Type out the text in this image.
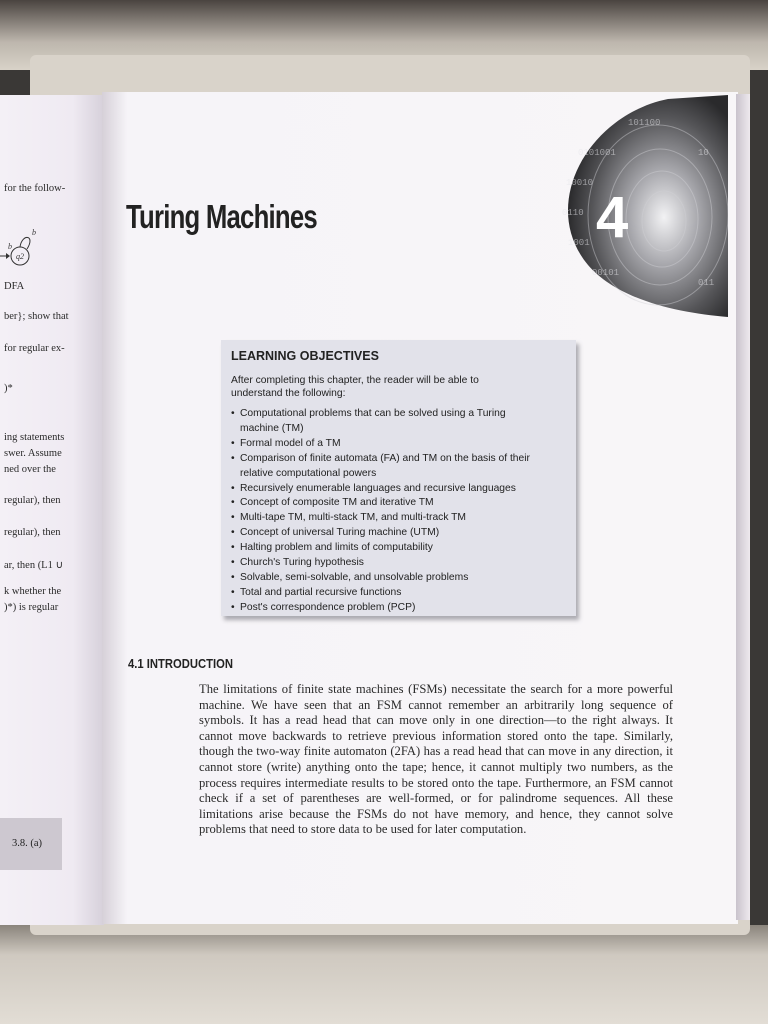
for the follow-
q2
b
b
DFA
ber}; show that
for regular ex-
)*
ing statements
swer. Assume
ned over the
regular), then
regular), then
ar, then (L1 ∪
k whether the
)*) is regular
3.8. (a)
0101001
10010
0110
1001
00101
101100
10
011
4
Turing Machines
LEARNING OBJECTIVES
After completing this chapter, the reader will be able to understand the following:
• Computational problems that can be solved using a Turing machine (TM)
• Formal model of a TM
• Comparison of finite automata (FA) and TM on the basis of their relative computational powers
• Recursively enumerable languages and recursive languages
• Concept of composite TM and iterative TM
• Multi-tape TM, multi-stack TM, and multi-track TM
• Concept of universal Turing machine (UTM)
• Halting problem and limits of computability
• Church's Turing hypothesis
• Solvable, semi-solvable, and unsolvable problems
• Total and partial recursive functions
• Post's correspondence problem (PCP)
4.1 INTRODUCTION

The limitations of finite state machines (FSMs) necessitate the search for a more powerful machine. We have seen that an FSM cannot remember an arbitrarily long sequence of symbols. It has a read head that can move only in one direction—to the right always. It cannot move backwards to retrieve previous information stored onto the tape. Similarly, though the two-way finite automaton (2FA) has a read head that can move in any direction, it cannot store (write) anything onto the tape; hence, it cannot multiply two numbers, as the process requires intermediate results to be stored onto the tape. Furthermore, an FSM cannot check if a set of parentheses are well-formed, or for palindrome sequences. All these limitations arise because the FSMs do not have memory, and hence, they cannot solve problems that need to store data to be used for later computation.
